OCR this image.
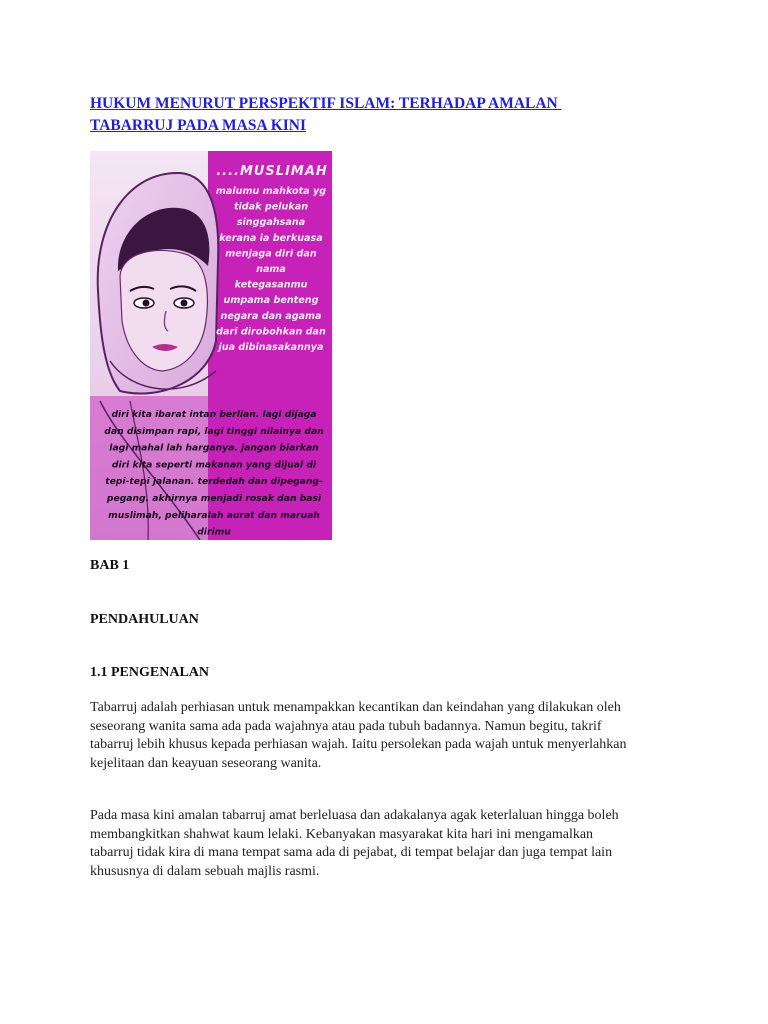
HUKUM MENURUT PERSPEKTIF ISLAM: TERHADAP AMALAN
TABARRUJ PADA MASA KINI
....MUSLIMAH
malumu mahkota yg
tidak pelukan
singgahsana
kerana ia berkuasa
menjaga diri dan
nama
ketegasanmu
umpama benteng
negara dan agama
dari dirobohkan dan
jua dibinasakannya
diri kita ibarat intan berlian. lagi dijaga
dan disimpan rapi, lagi tinggi nilainya dan
lagi mahal lah harganya. jangan biarkan
diri kita seperti makanan yang dijual di
tepi-tepi jalanan. terdedah dan dipegang-
pegang. akhirnya menjadi rosak dan basi
muslimah, peliharalah aurat dan maruah
dirimu
BAB 1
PENDAHULUAN
1.1 PENGENALAN
Tabarruj adalah perhiasan untuk menampakkan kecantikan dan keindahan yang dilakukan oleh
seseorang wanita sama ada pada wajahnya atau pada tubuh badannya. Namun begitu, takrif
tabarruj lebih khusus kepada perhiasan wajah. Iaitu persolekan pada wajah untuk menyerlahkan
kejelitaan dan keayuan seseorang wanita.
Pada masa kini amalan tabarruj amat berleluasa dan adakalanya agak keterlaluan hingga boleh
membangkitkan shahwat kaum lelaki. Kebanyakan masyarakat kita hari ini mengamalkan
tabarruj tidak kira di mana tempat sama ada di pejabat, di tempat belajar dan juga tempat lain
khususnya di dalam sebuah majlis rasmi.
